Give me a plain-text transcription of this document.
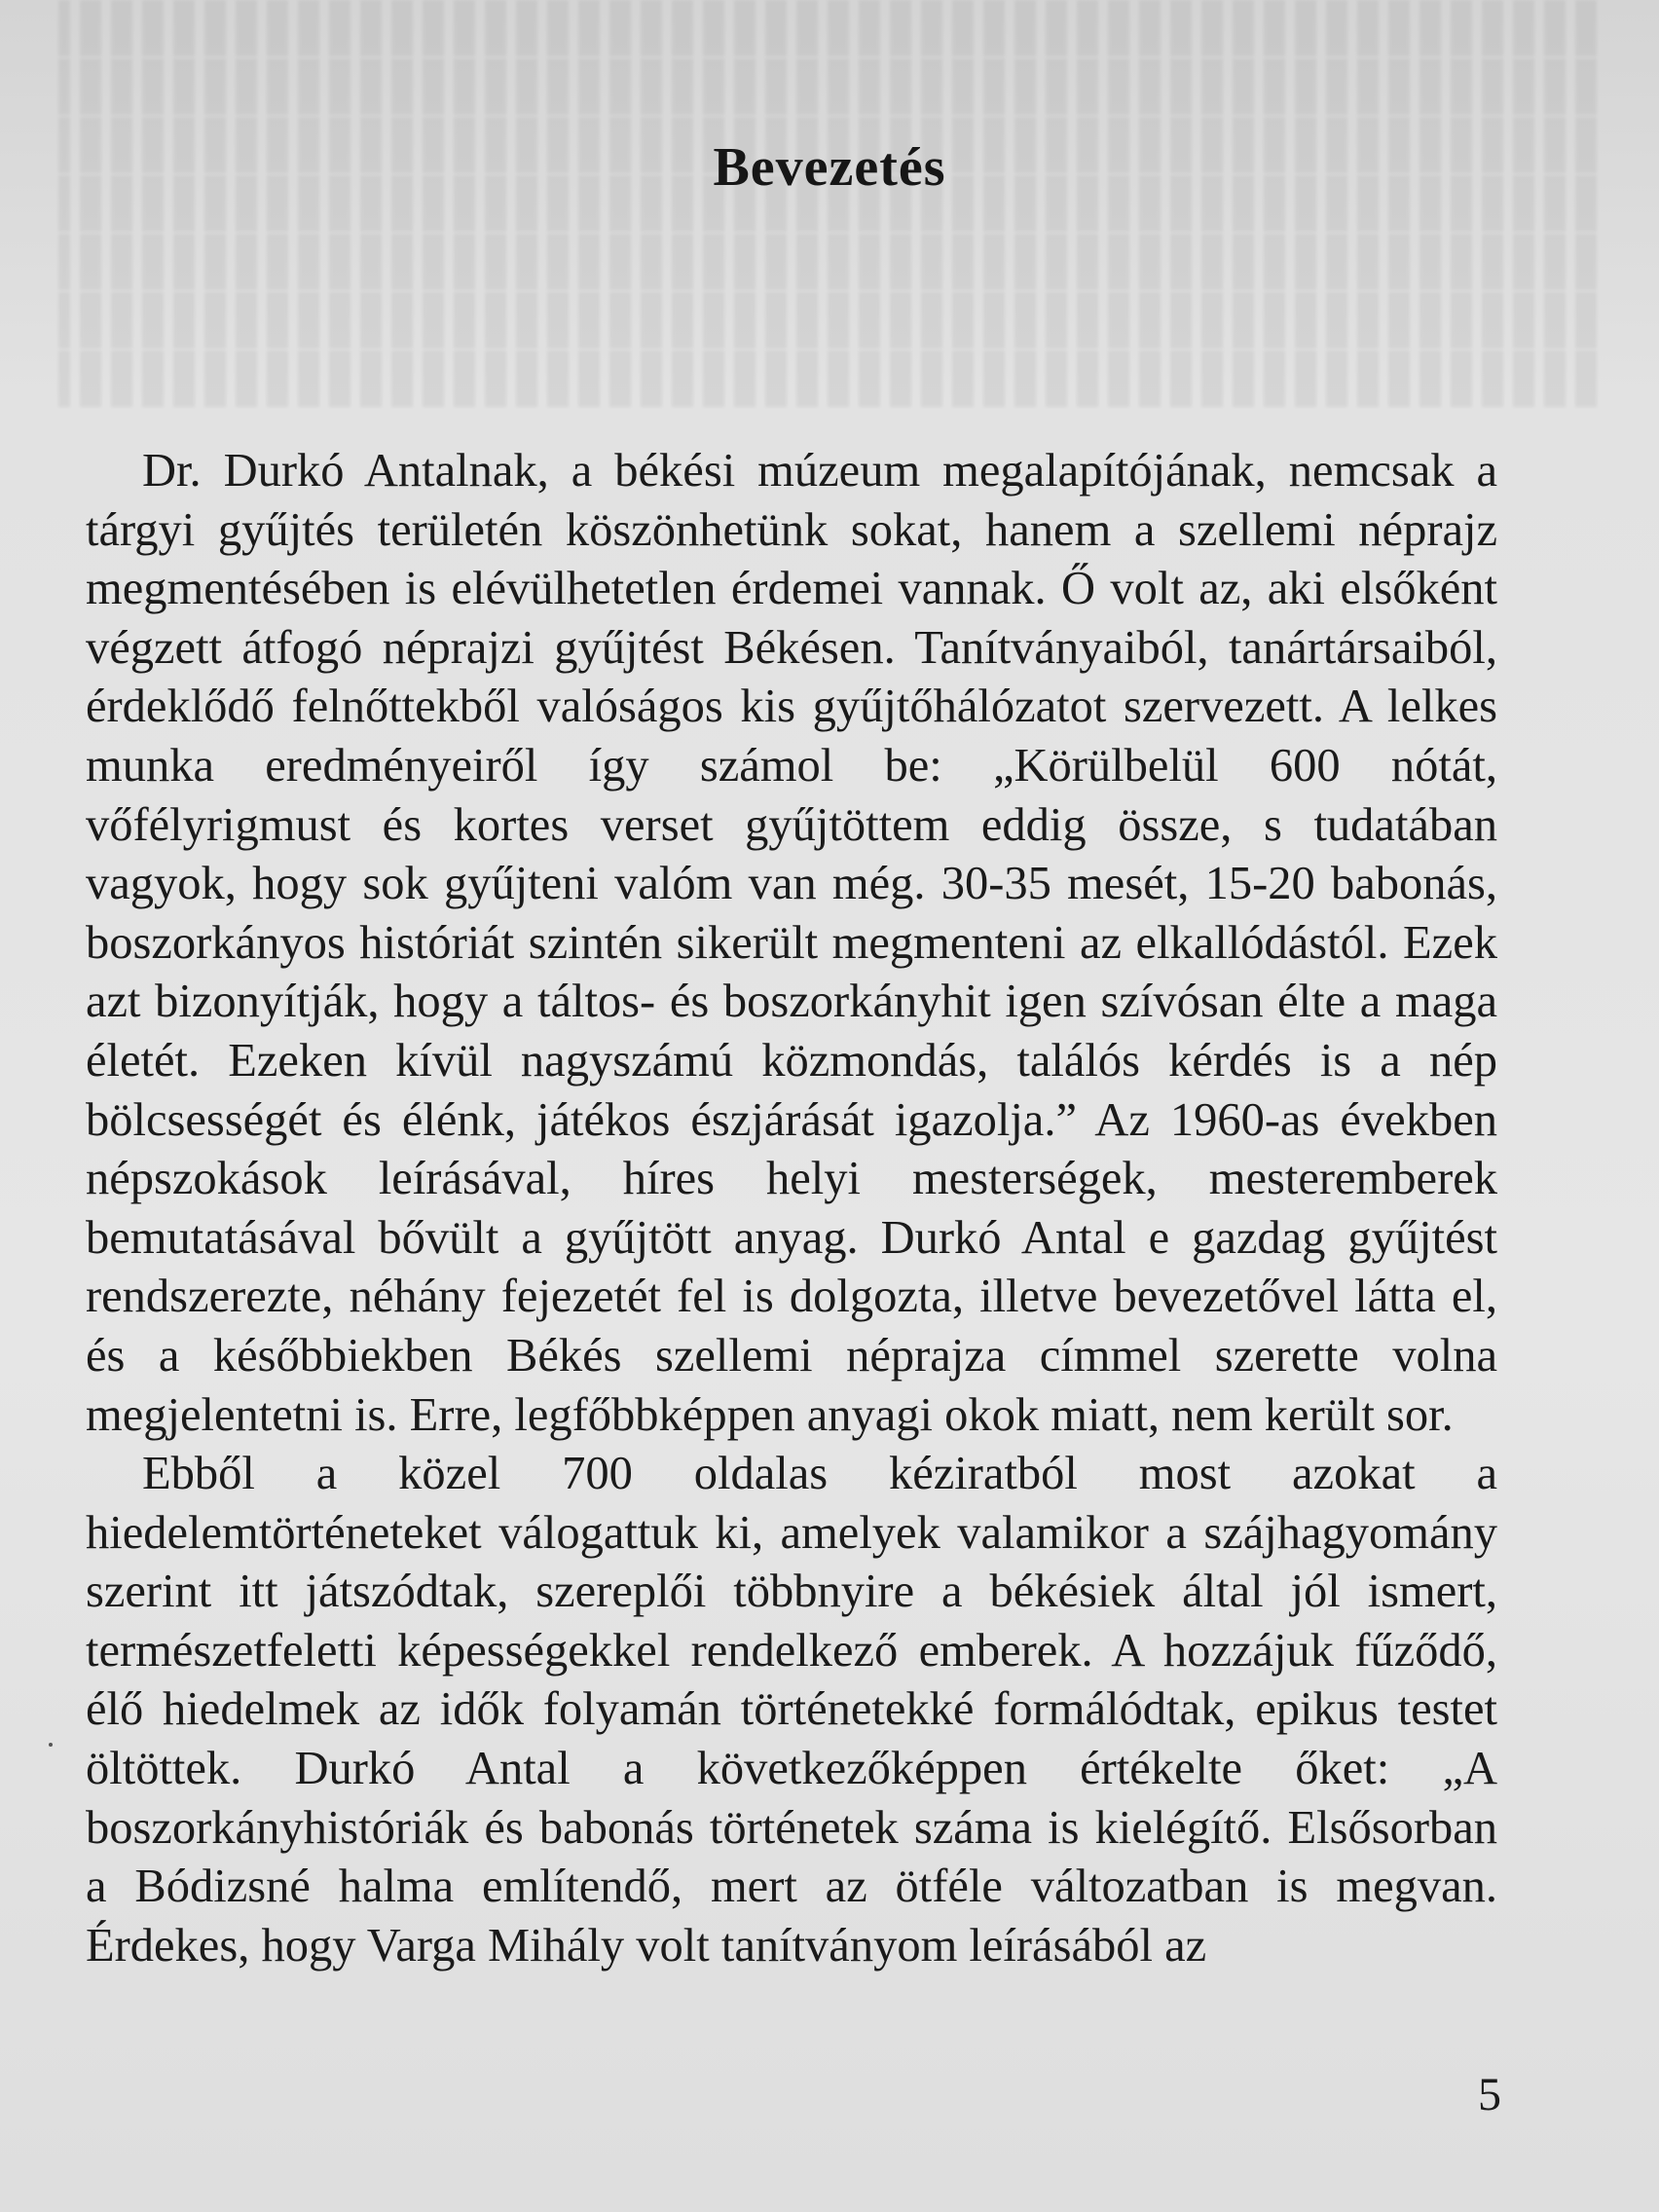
Bevezetés

Dr. Durkó Antalnak, a békési múzeum megalapítójának, nemcsak a tárgyi gyűjtés területén köszönhetünk sokat, hanem a szellemi néprajz megmentésében is elévülhetetlen érdemei vannak. Ő volt az, aki elsőként végzett átfogó néprajzi gyűjtést Békésen. Tanítványaiból, tanártársaiból, érdeklődő felnőttekből valóságos kis gyűjtőhálózatot szervezett. A lelkes munka eredményeiről így számol be: „Körülbelül 600 nótát, vőfélyrigmust és kortes verset gyűjtöttem eddig össze, s tudatában vagyok, hogy sok gyűjteni valóm van még. 30-35 mesét, 15-20 babonás, boszorkányos históriát szintén sikerült megmenteni az elkallódástól. Ezek azt bizonyítják, hogy a táltos- és boszorkányhit igen szívósan élte a maga életét. Ezeken kívül nagyszámú közmondás, találós kérdés is a nép bölcsességét és élénk, játékos észjárását igazolja.” Az 1960-as években népszokások leírásával, híres helyi mesterségek, mesteremberek bemutatásával bővült a gyűjtött anyag. Durkó Antal e gazdag gyűjtést rendszerezte, néhány fejezetét fel is dolgozta, illetve bevezetővel látta el, és a későbbiekben Békés szellemi néprajza címmel szerette volna megjelentetni is. Erre, legfőbbképpen anyagi okok miatt, nem került sor.

Ebből a közel 700 oldalas kéziratból most azokat a hiedelemtörténeteket válogattuk ki, amelyek valamikor a szájhagyomány szerint itt játszódtak, szereplői többnyire a békésiek által jól ismert, természetfeletti képességekkel rendelkező emberek. A hozzájuk fűződő, élő hiedelmek az idők folyamán történetekké formálódtak, epikus testet öltöttek. Durkó Antal a következőképpen értékelte őket: „A boszorkányhistóriák és babonás történetek száma is kielégítő. Elsősorban a Bódizsné halma említendő, mert az ötféle változatban is megvan. Érdekes, hogy Varga Mihály volt tanítványom leírásából az

5
